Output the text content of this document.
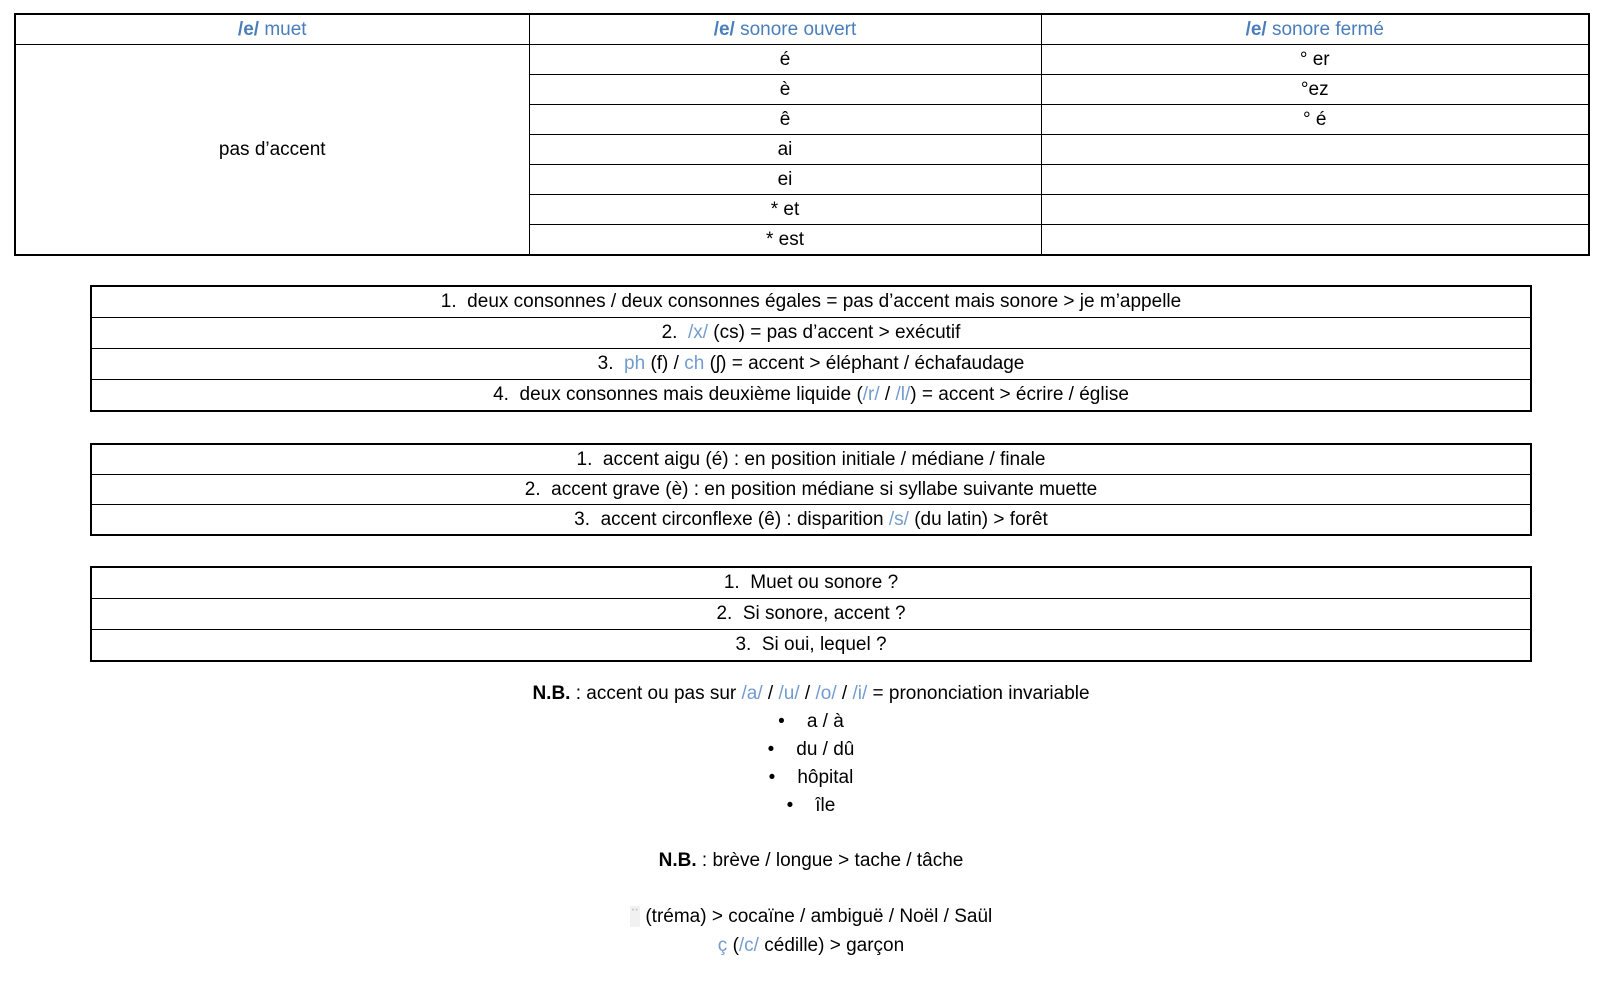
/e/ muet	/e/ sonore ouvert	/e/ sonore fermé
pas d’accent	é	° er
	è	°ez
	ê	° é
	ai	
	ei	
	* et	
	* est	
1.  deux consonnes / deux consonnes égales = pas d’accent mais sonore > je m’appelle
2.  /x/ (cs) = pas d’accent > exécutif
3.  ph (f) / ch (ʃ) = accent > éléphant / échafaudage
4.  deux consonnes mais deuxième liquide (/r/ / /l/) = accent > écrire / église
1.  accent aigu (é) : en position initiale / médiane / finale
2.  accent grave (è) : en position médiane si syllabe suivante muette
3.  accent circonflexe (ê) : disparition /s/ (du latin) > forêt
1.  Muet ou sonore ?
2.  Si sonore, accent ?
3.  Si oui, lequel ?
N.B. : accent ou pas sur /a/ / /u/ / /o/ / /i/ = prononciation invariable
• a / à
• du / dû
• hôpital
• île
N.B. : brève / longue > tache / tâche
¨ (tréma) > cocaïne / ambiguë / Noël / Saül
ç (/c/ cédille) > garçon
